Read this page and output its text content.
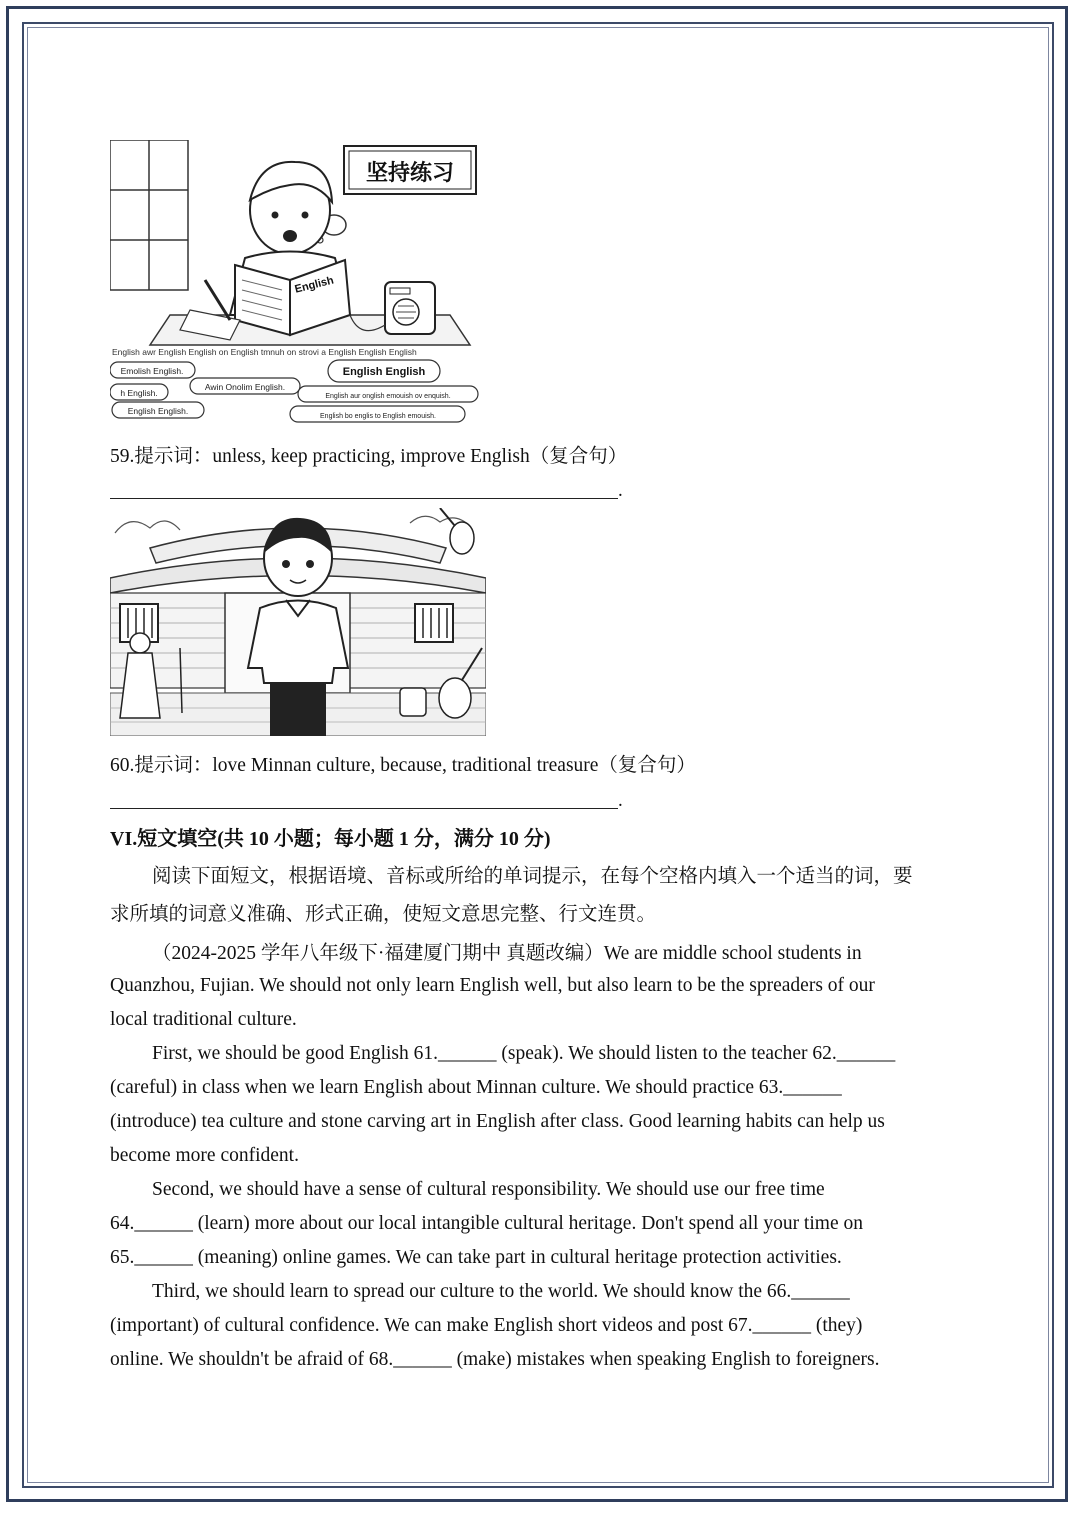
坚持练习
English
English awr English English on English tmnuh on strovi a English English English
English English
Emolish English.
Awin Onolim English.
h English.
English English.
English aur onglish emouish ov enquish.
English bo englis to English emouish.
59.提示词：unless, keep practicing, improve English（复合句）
.
60.提示词：love Minnan culture, because, traditional treasure（复合句）
.
VI.短文填空(共 10 小题；每小题 1 分，满分 10 分)
阅读下面短文，根据语境、音标或所给的单词提示，在每个空格内填入一个适当的词，要
求所填的词意义准确、形式正确，使短文意思完整、行文连贯。
（2024-2025 学年八年级下·福建厦门期中 真题改编）We are middle school students in
Quanzhou, Fujian. We should not only learn English well, but also learn to be the spreaders of our
local traditional culture.
First, we should be good English 61.______ (speak). We should listen to the teacher 62.______
(careful) in class when we learn English about Minnan culture. We should practice 63.______
(introduce) tea culture and stone carving art in English after class. Good learning habits can help us
become more confident.
Second, we should have a sense of cultural responsibility. We should use our free time
64.______ (learn) more about our local intangible cultural heritage. Don't spend all your time on
65.______ (meaning) online games. We can take part in cultural heritage protection activities.
Third, we should learn to spread our culture to the world. We should know the 66.______
(important) of cultural confidence. We can make English short videos and post 67.______ (they)
online. We shouldn't be afraid of 68.______ (make) mistakes when speaking English to foreigners.
